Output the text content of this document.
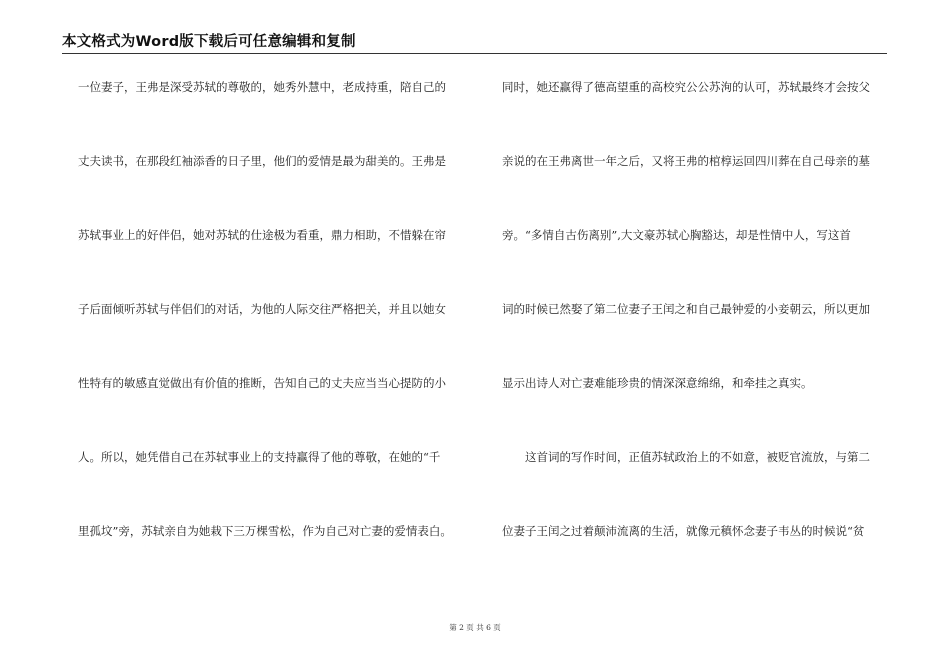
本文格式为Word版下载后可任意编辑和复制
一位妻子，王弗是深受苏轼的尊敬的，她秀外慧中，老成持重，陪自己的
丈夫读书，在那段红袖添香的日子里，他们的爱情是最为甜美的。王弗是
苏轼事业上的好伴侣，她对苏轼的仕途极为看重，鼎力相助，不惜躲在帘
子后面倾听苏轼与伴侣们的对话，为他的人际交往严格把关，并且以她女
性特有的敏感直觉做出有价值的推断，告知自己的丈夫应当当心提防的小
人。所以，她凭借自己在苏轼事业上的支持赢得了他的尊敬，在她的“千
里孤坟”旁，苏轼亲自为她栽下三万棵雪松，作为自己对亡妻的爱情表白。
同时，她还赢得了德高望重的高校究公公苏洵的认可，苏轼最终才会按父
亲说的在王弗离世一年之后，又将王弗的棺椁运回四川葬在自己母亲的墓
旁。“多情自古伤离别”,大文豪苏轼心胸豁达，却是性情中人，写这首
词的时候已然娶了第二位妻子王闰之和自己最钟爱的小妾朝云，所以更加
显示出诗人对亡妻难能珍贵的情深深意绵绵，和牵挂之真实。
　　这首词的写作时间，正值苏轼政治上的不如意，被贬官流放，与第二
位妻子王闰之过着颠沛流离的生活，就像元稹怀念妻子韦丛的时候说“贫
第 2 页 共 6 页
